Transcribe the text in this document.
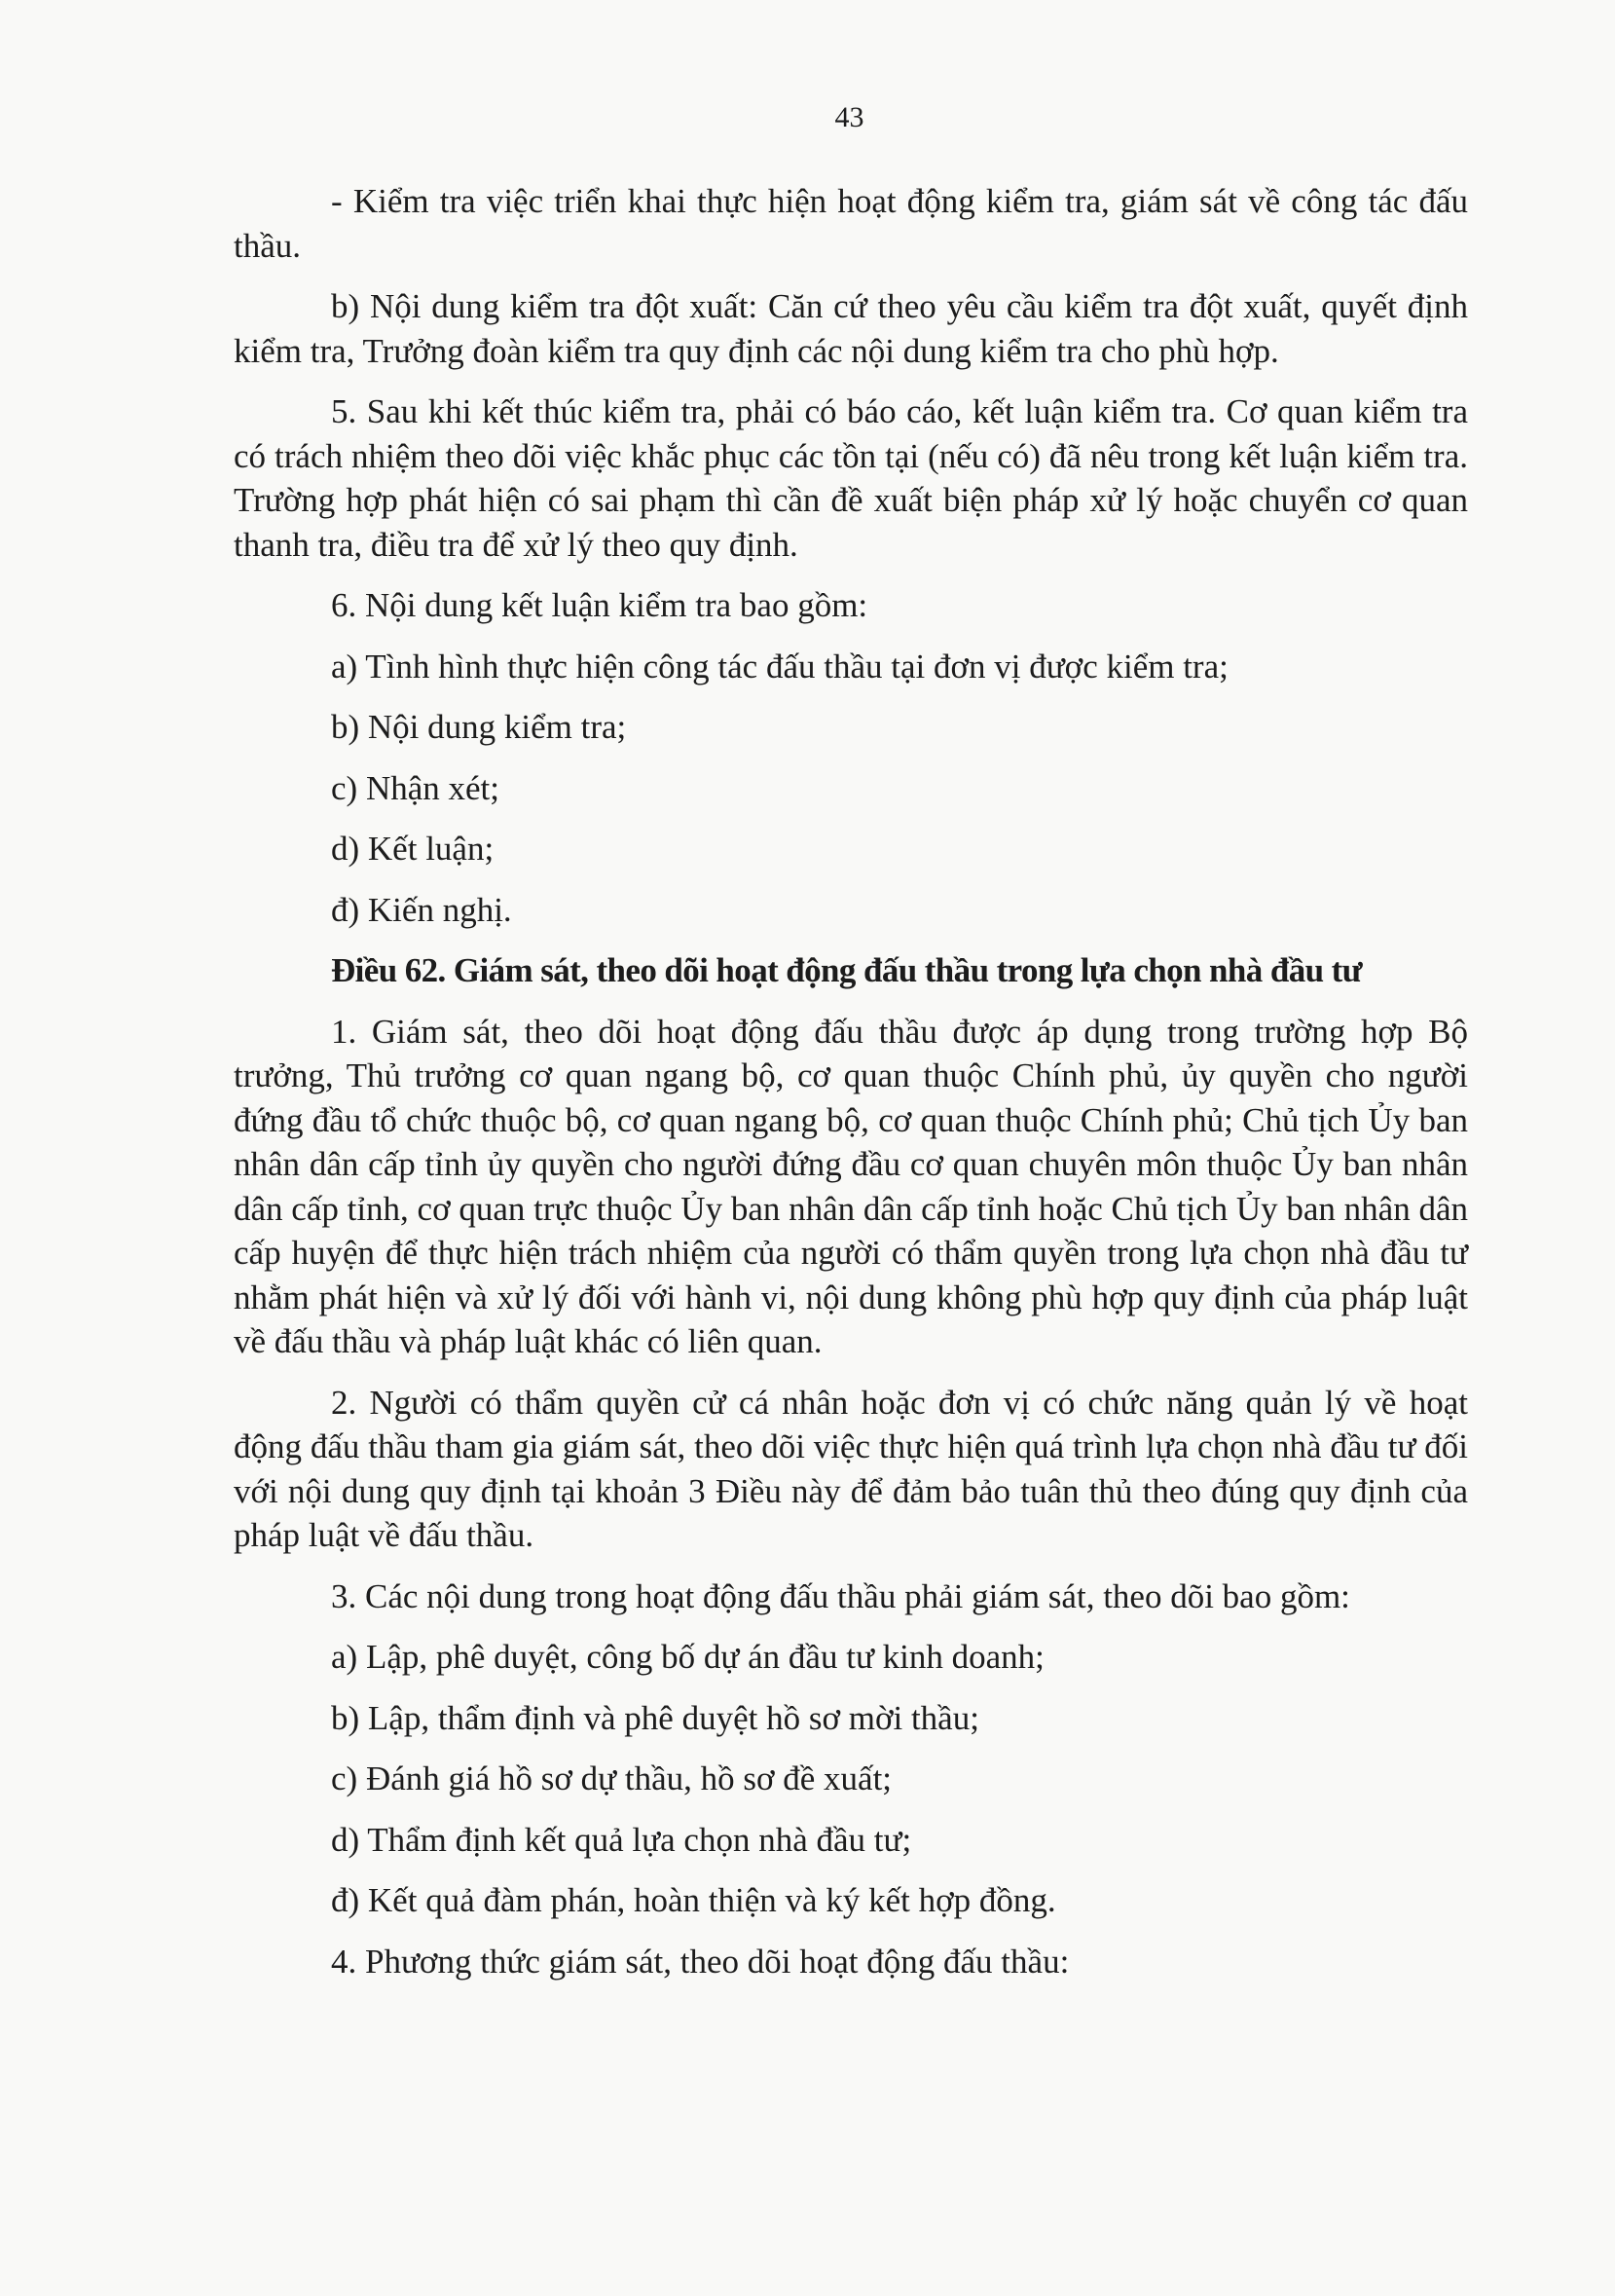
43

- Kiểm tra việc triển khai thực hiện hoạt động kiểm tra, giám sát về công tác đấu thầu.

b) Nội dung kiểm tra đột xuất: Căn cứ theo yêu cầu kiểm tra đột xuất, quyết định kiểm tra, Trưởng đoàn kiểm tra quy định các nội dung kiểm tra cho phù hợp.

5. Sau khi kết thúc kiểm tra, phải có báo cáo, kết luận kiểm tra. Cơ quan kiểm tra có trách nhiệm theo dõi việc khắc phục các tồn tại (nếu có) đã nêu trong kết luận kiểm tra. Trường hợp phát hiện có sai phạm thì cần đề xuất biện pháp xử lý hoặc chuyển cơ quan thanh tra, điều tra để xử lý theo quy định.

6. Nội dung kết luận kiểm tra bao gồm:

a) Tình hình thực hiện công tác đấu thầu tại đơn vị được kiểm tra;

b) Nội dung kiểm tra;

c) Nhận xét;

d) Kết luận;

đ) Kiến nghị.

Điều 62. Giám sát, theo dõi hoạt động đấu thầu trong lựa chọn nhà đầu tư

1. Giám sát, theo dõi hoạt động đấu thầu được áp dụng trong trường hợp Bộ trưởng, Thủ trưởng cơ quan ngang bộ, cơ quan thuộc Chính phủ, ủy quyền cho người đứng đầu tổ chức thuộc bộ, cơ quan ngang bộ, cơ quan thuộc Chính phủ; Chủ tịch Ủy ban nhân dân cấp tỉnh ủy quyền cho người đứng đầu cơ quan chuyên môn thuộc Ủy ban nhân dân cấp tỉnh, cơ quan trực thuộc Ủy ban nhân dân cấp tỉnh hoặc Chủ tịch Ủy ban nhân dân cấp huyện để thực hiện trách nhiệm của người có thẩm quyền trong lựa chọn nhà đầu tư nhằm phát hiện và xử lý đối với hành vi, nội dung không phù hợp quy định của pháp luật về đấu thầu và pháp luật khác có liên quan.

2. Người có thẩm quyền cử cá nhân hoặc đơn vị có chức năng quản lý về hoạt động đấu thầu tham gia giám sát, theo dõi việc thực hiện quá trình lựa chọn nhà đầu tư đối với nội dung quy định tại khoản 3 Điều này để đảm bảo tuân thủ theo đúng quy định của pháp luật về đấu thầu.

3. Các nội dung trong hoạt động đấu thầu phải giám sát, theo dõi bao gồm:

a) Lập, phê duyệt, công bố dự án đầu tư kinh doanh;

b) Lập, thẩm định và phê duyệt hồ sơ mời thầu;

c) Đánh giá hồ sơ dự thầu, hồ sơ đề xuất;

d) Thẩm định kết quả lựa chọn nhà đầu tư;

đ) Kết quả đàm phán, hoàn thiện và ký kết hợp đồng.

4. Phương thức giám sát, theo dõi hoạt động đấu thầu:
